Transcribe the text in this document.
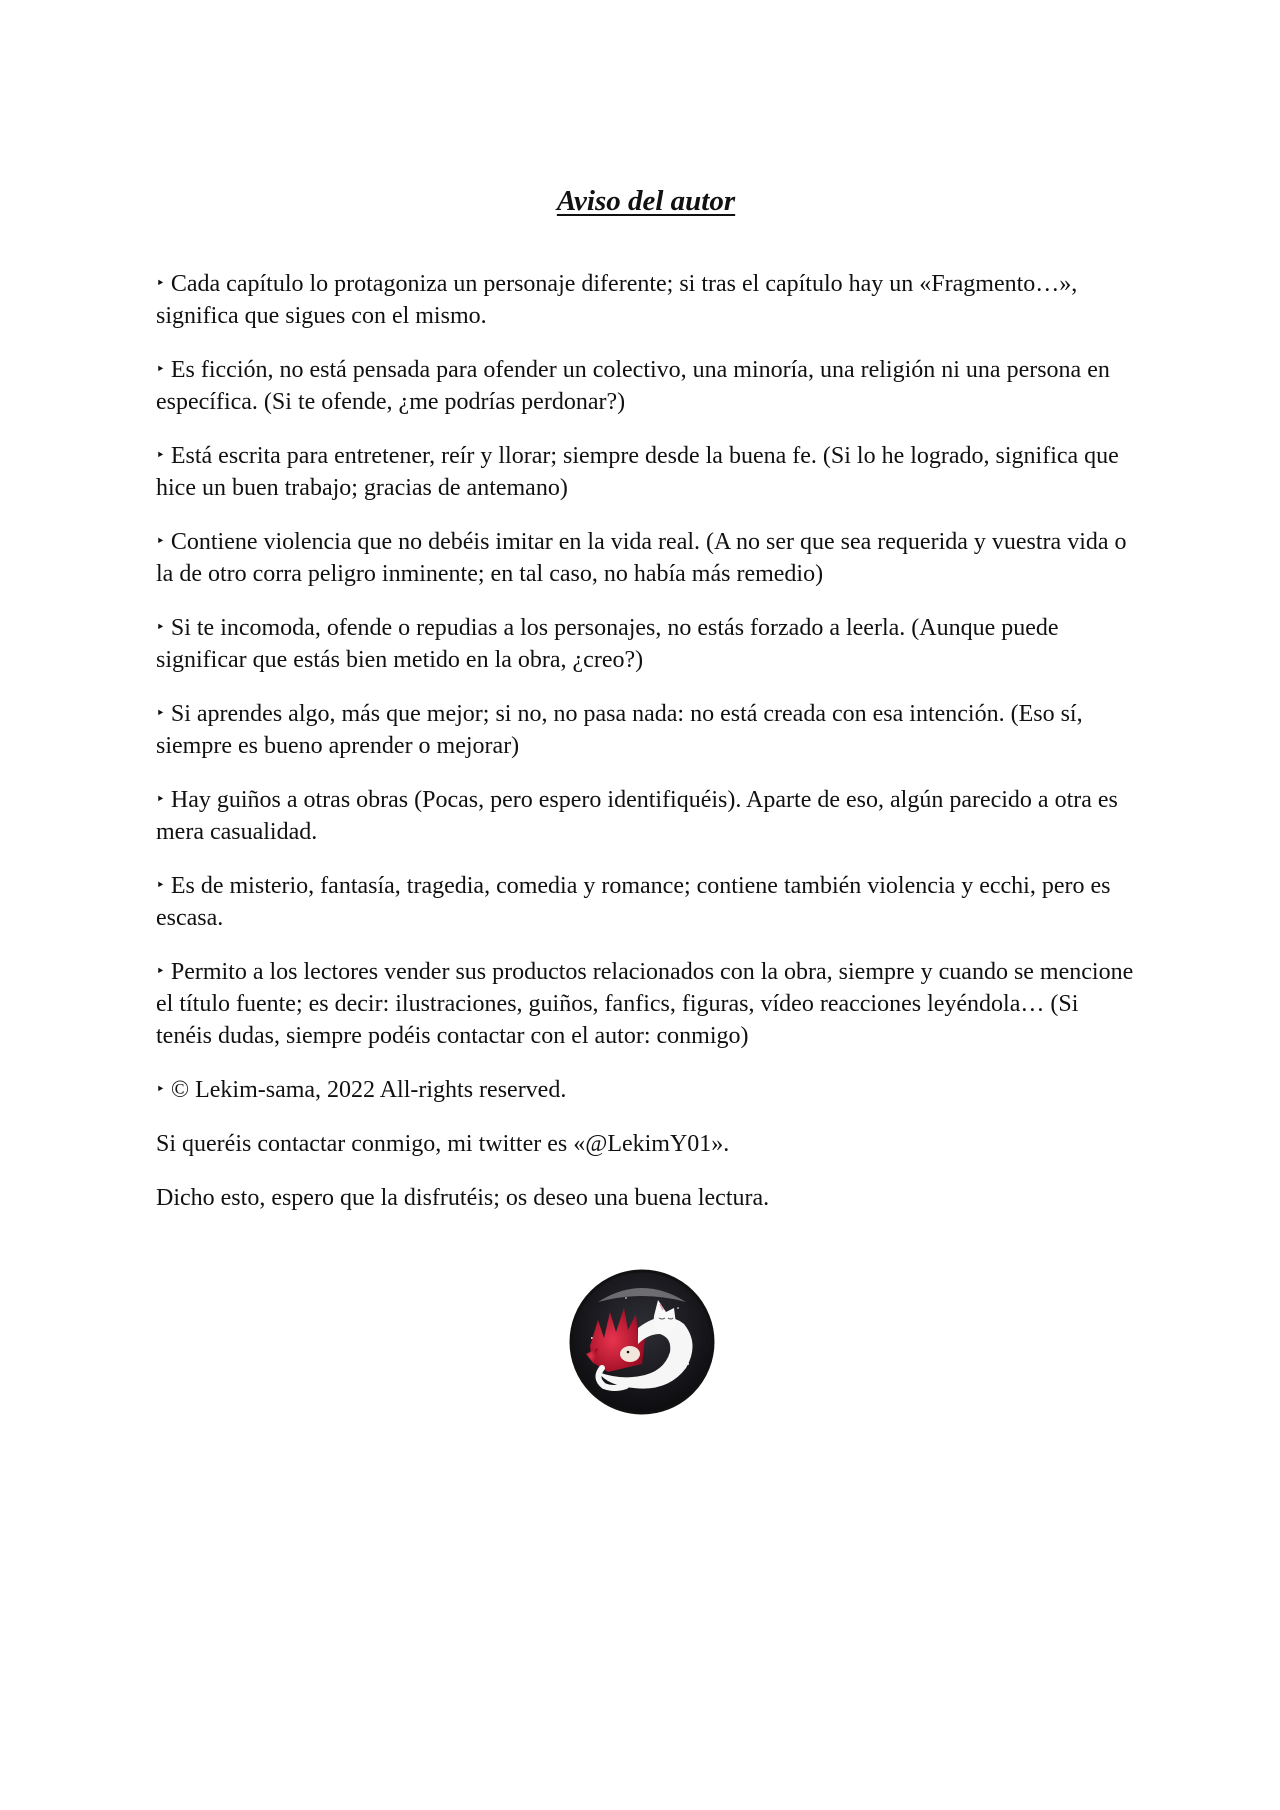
Aviso del autor
‣ Cada capítulo lo protagoniza un personaje diferente; si tras el capítulo hay un «Fragmento…», significa que sigues con el mismo.
‣ Es ficción, no está pensada para ofender un colectivo, una minoría, una religión ni una persona en específica. (Si te ofende, ¿me podrías perdonar?)
‣ Está escrita para entretener, reír y llorar; siempre desde la buena fe. (Si lo he logrado, significa que hice un buen trabajo; gracias de antemano)
‣ Contiene violencia que no debéis imitar en la vida real. (A no ser que sea requerida y vuestra vida o la de otro corra peligro inminente; en tal caso, no había más remedio)
‣ Si te incomoda, ofende o repudias a los personajes, no estás forzado a leerla. (Aunque puede significar que estás bien metido en la obra, ¿creo?)
‣ Si aprendes algo, más que mejor; si no, no pasa nada: no está creada con esa intención. (Eso sí, siempre es bueno aprender o mejorar)
‣ Hay guiños a otras obras (Pocas, pero espero identifiquéis). Aparte de eso, algún parecido a otra es mera casualidad.
‣ Es de misterio, fantasía, tragedia, comedia y romance; contiene también violencia y ecchi, pero es escasa.
‣ Permito a los lectores vender sus productos relacionados con la obra, siempre y cuando se mencione el título fuente; es decir: ilustraciones, guiños, fanfics, figuras, vídeo reacciones leyéndola… (Si tenéis dudas, siempre podéis contactar con el autor: conmigo)
‣ © Lekim-sama, 2022 All-rights reserved.
Si queréis contactar conmigo, mi twitter es «@LekimY01».
Dicho esto, espero que la disfrutéis; os deseo una buena lectura.
